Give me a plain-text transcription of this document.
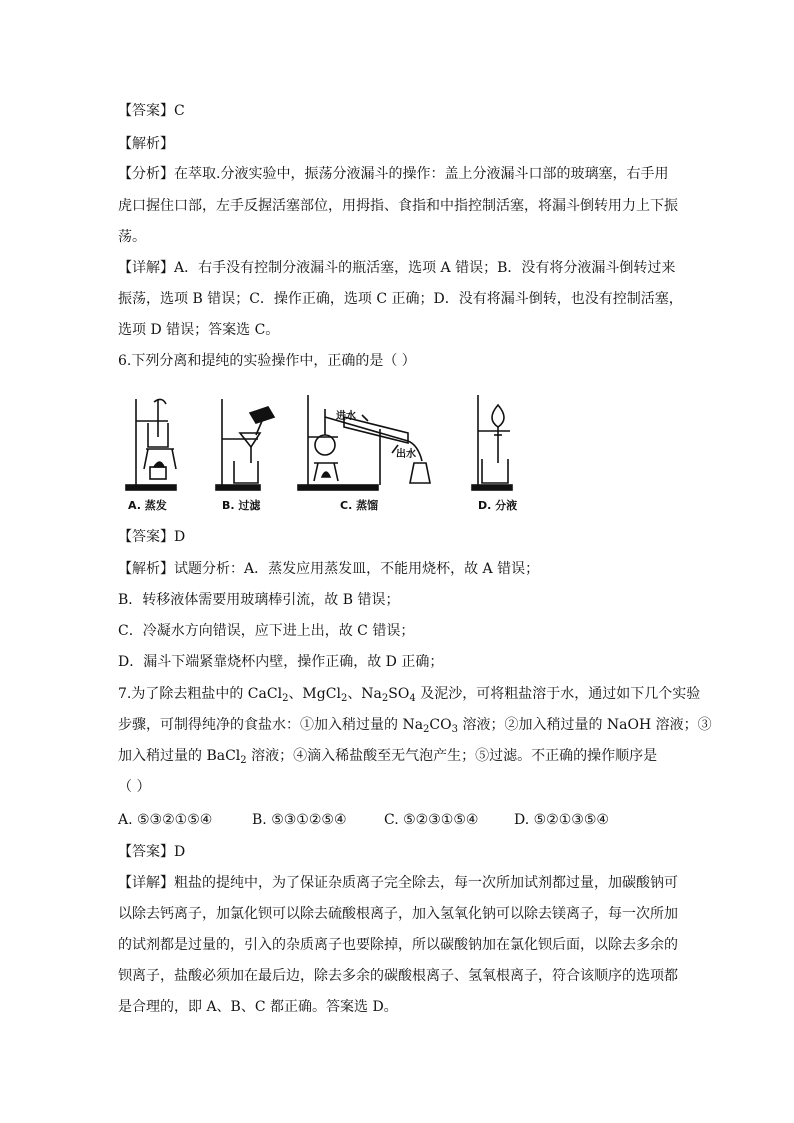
【答案】C
【解析】
【分析】在萃取.分液实验中，振荡分液漏斗的操作：盖上分液漏斗口部的玻璃塞，右手用
虎口握住口部，左手反握活塞部位，用拇指、食指和中指控制活塞，将漏斗倒转用力上下振
荡。
【详解】A．右手没有控制分液漏斗的瓶活塞，选项 A 错误；B．没有将分液漏斗倒转过来
振荡，选项 B 错误；C．操作正确，选项 C 正确；D．没有将漏斗倒转，也没有控制活塞，
选项 D 错误；答案选 C。
6.下列分离和提纯的实验操作中，正确的是（ ）
进水
出水
A. 蒸发	B. 过滤	C. 蒸馏	D. 分液
【答案】D
【解析】试题分析：A．蒸发应用蒸发皿，不能用烧杯，故 A 错误；
B．转移液体需要用玻璃棒引流，故 B 错误；
C．冷凝水方向错误，应下进上出，故 C 错误；
D．漏斗下端紧靠烧杯内壁，操作正确，故 D 正确；
7.为了除去粗盐中的 CaCl$_2$、MgCl$_2$、$Na_2SO_4$ 及泥沙，可将粗盐溶于水，通过如下几个实验
步骤，可制得纯净的食盐水：①加入稍过量的 $Na_2CO_3$ 溶液；②加入稍过量的 NaOH 溶液；③
加入稍过量的 BaCl$_2$ 溶液；④滴入稀盐酸至无气泡产生；⑤过滤。不正确的操作顺序是
（ ）
A. ⑤③②①⑤④	B. ⑤③①②⑤④	C. ⑤②③①⑤④	D. ⑤②①③⑤④
【答案】D
【详解】粗盐的提纯中，为了保证杂质离子完全除去，每一次所加试剂都过量，加碳酸钠可
以除去钙离子，加氯化钡可以除去硫酸根离子，加入氢氧化钠可以除去镁离子，每一次所加
的试剂都是过量的，引入的杂质离子也要除掉，所以碳酸钠加在氯化钡后面，以除去多余的
钡离子，盐酸必须加在最后边，除去多余的碳酸根离子、氢氧根离子，符合该顺序的选项都
是合理的，即 A、B、C 都正确。答案选 D。
